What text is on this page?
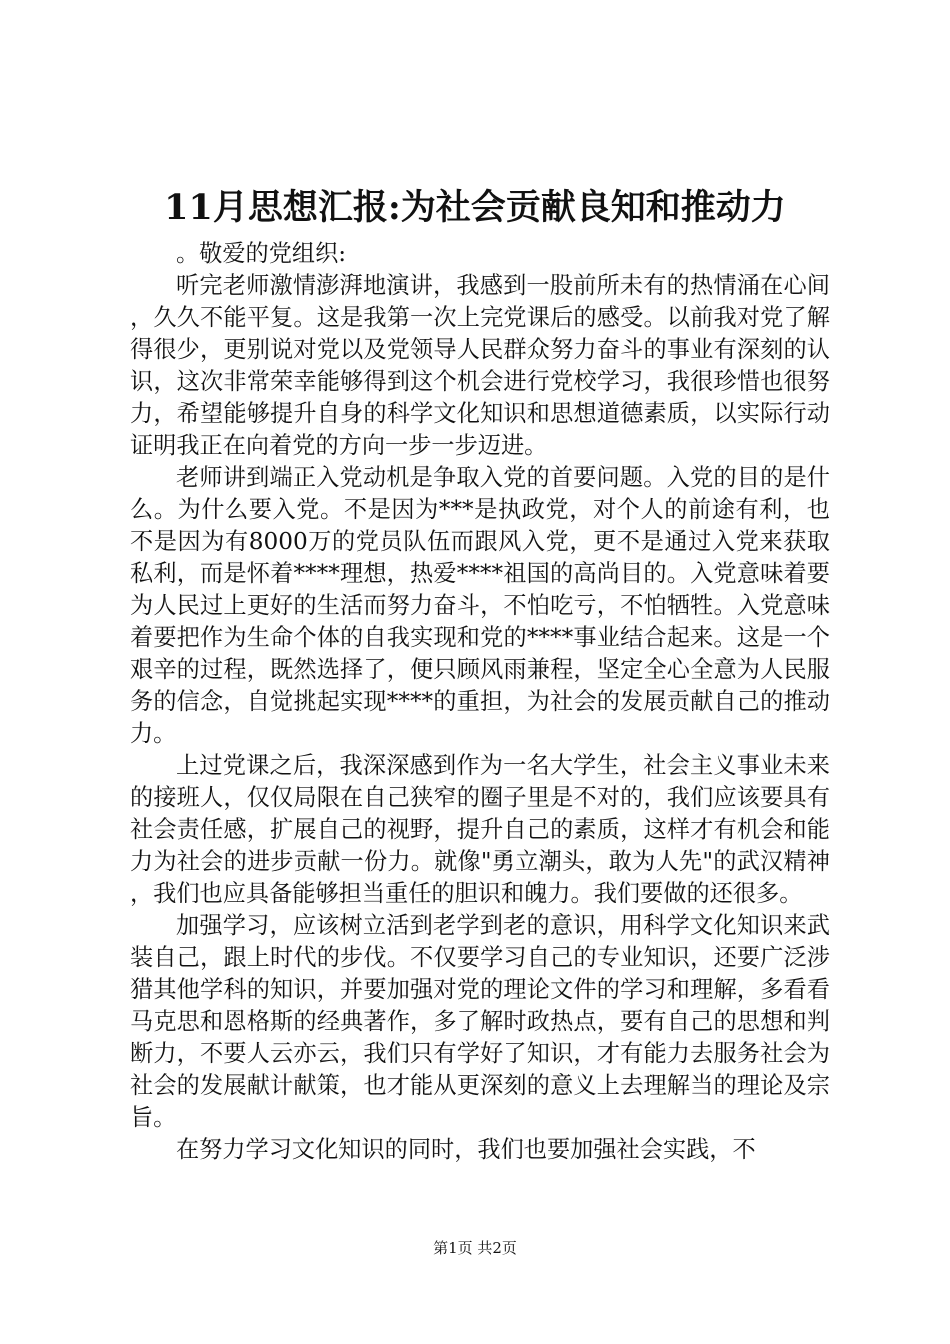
11月思想汇报:为社会贡献良知和推动力

。敬爱的党组织:

听完老师激情澎湃地演讲，我感到一股前所未有的热情涌在心间，久久不能平复。这是我第一次上完党课后的感受。以前我对党了解得很少，更别说对党以及党领导人民群众努力奋斗的事业有深刻的认识，这次非常荣幸能够得到这个机会进行党校学习，我很珍惜也很努力，希望能够提升自身的科学文化知识和思想道德素质，以实际行动证明我正在向着党的方向一步一步迈进。

老师讲到端正入党动机是争取入党的首要问题。入党的目的是什么。为什么要入党。不是因为***是执政党，对个人的前途有利，也不是因为有8000万的党员队伍而跟风入党，更不是通过入党来获取私利，而是怀着****理想，热爱****祖国的高尚目的。入党意味着要为人民过上更好的生活而努力奋斗，不怕吃亏，不怕牺牲。入党意味着要把作为生命个体的自我实现和党的****事业结合起来。这是一个艰辛的过程，既然选择了，便只顾风雨兼程，坚定全心全意为人民服务的信念，自觉挑起实现****的重担，为社会的发展贡献自己的推动力。

上过党课之后，我深深感到作为一名大学生，社会主义事业未来的接班人，仅仅局限在自己狭窄的圈子里是不对的，我们应该要具有社会责任感，扩展自己的视野，提升自己的素质，这样才有机会和能力为社会的进步贡献一份力。就像"勇立潮头，敢为人先"的武汉精神，我们也应具备能够担当重任的胆识和魄力。我们要做的还很多。

加强学习，应该树立活到老学到老的意识，用科学文化知识来武装自己，跟上时代的步伐。不仅要学习自己的专业知识，还要广泛涉猎其他学科的知识，并要加强对党的理论文件的学习和理解，多看看马克思和恩格斯的经典著作，多了解时政热点，要有自己的思想和判断力，不要人云亦云，我们只有学好了知识，才有能力去服务社会为社会的发展献计献策，也才能从更深刻的意义上去理解当的理论及宗旨。

在努力学习文化知识的同时，我们也要加强社会实践，不

第1页 共2页
